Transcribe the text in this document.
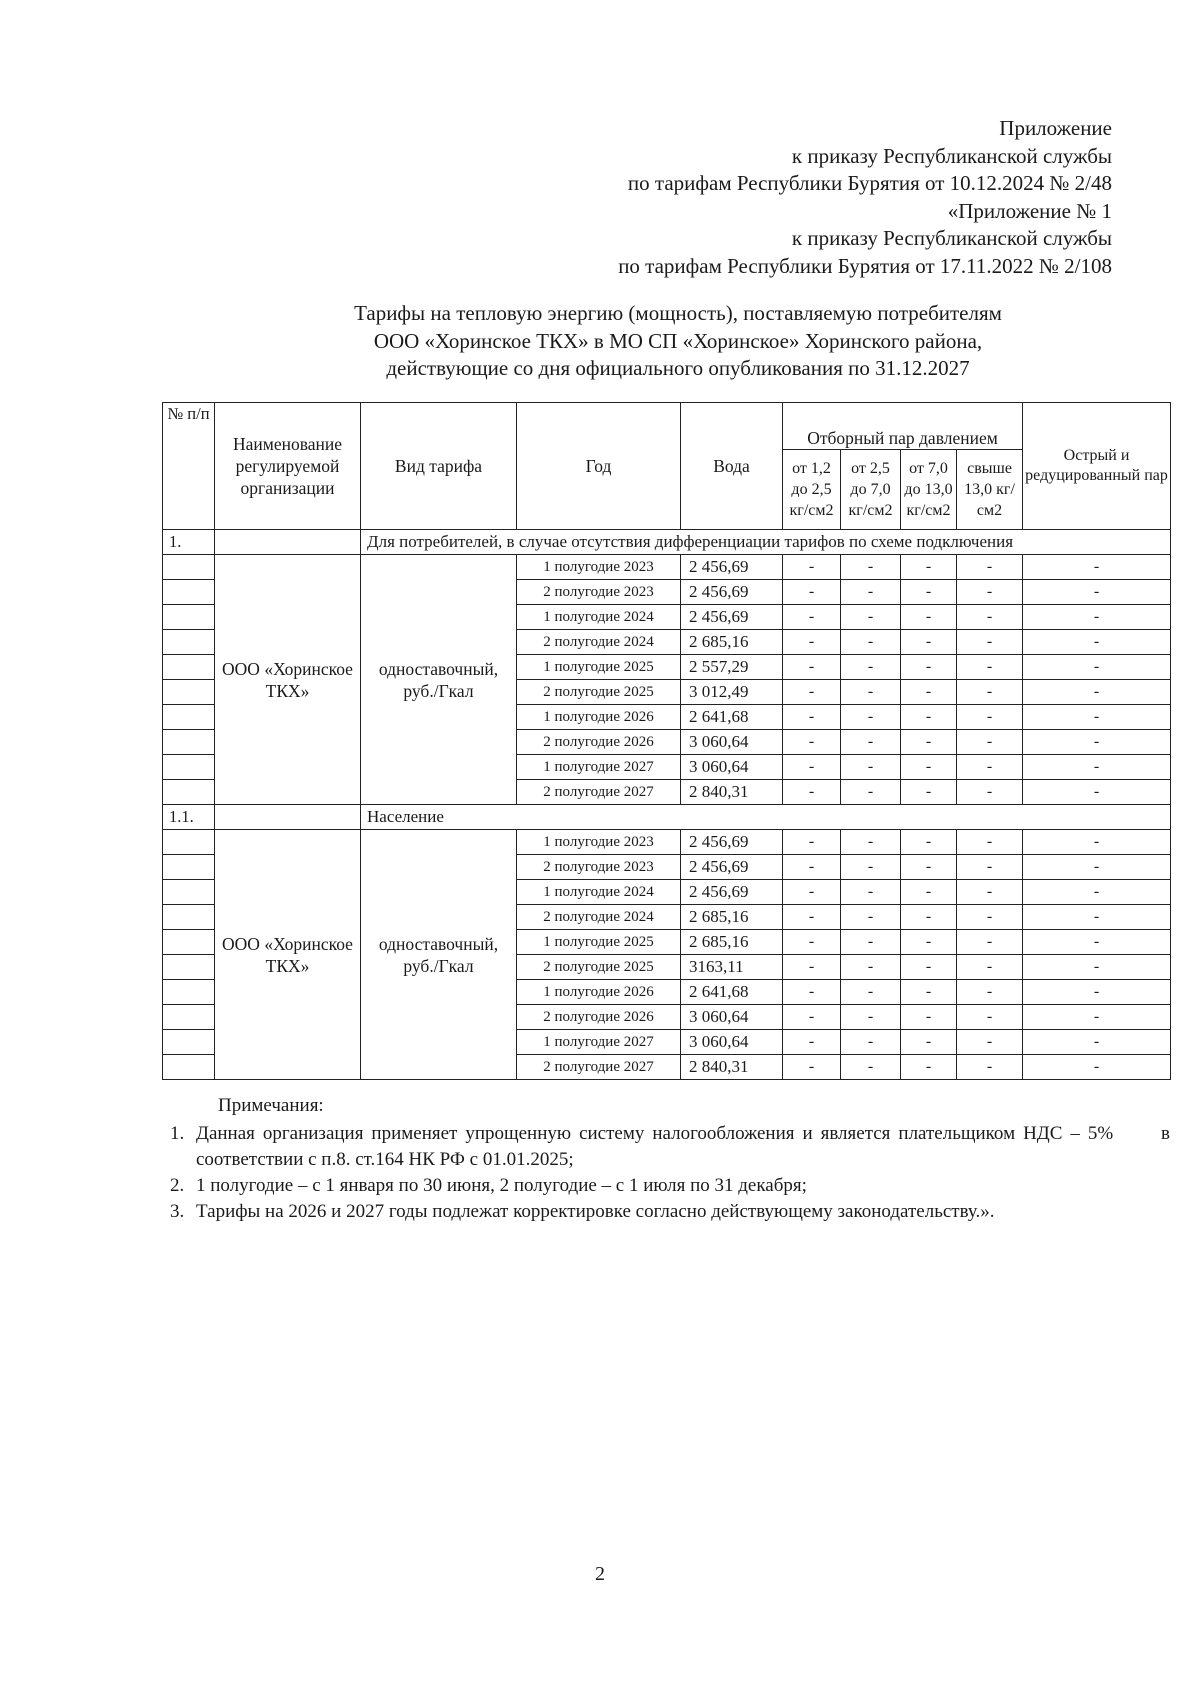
Приложение
к приказу Республиканской службы
по тарифам Республики Бурятия от 10.12.2024 № 2/48
«Приложение № 1
к приказу Республиканской службы
по тарифам Республики Бурятия от 17.11.2022 № 2/108
Тарифы на тепловую энергию (мощность), поставляемую потребителям
ООО «Хоринское ТКХ» в МО СП «Хоринское» Хоринского района,
действующие со дня официального опубликования по 31.12.2027
№ п/п	Наименование регулируемой организации	Вид тарифа	Год	Вода	Отборный пар давлением				Острый и редуцированный пар
					от 1,2 до 2,5 кг/см2	от 2,5 до 7,0 кг/см2	от 7,0 до 13,0 кг/см2	свыше 13,0 кг/см2	
1.		Для потребителей, в случае отсутствия дифференциации тарифов по схеме подключения							
	ООО «Хоринское ТКХ»	одноставочный, руб./Гкал	1 полугодие 2023	2 456,69	-	-	-	-	-
			2 полугодие 2023	2 456,69	-	-	-	-	-
			1 полугодие 2024	2 456,69	-	-	-	-	-
			2 полугодие 2024	2 685,16	-	-	-	-	-
			1 полугодие 2025	2 557,29	-	-	-	-	-
			2 полугодие 2025	3 012,49	-	-	-	-	-
			1 полугодие 2026	2 641,68	-	-	-	-	-
			2 полугодие 2026	3 060,64	-	-	-	-	-
			1 полугодие 2027	3 060,64	-	-	-	-	-
			2 полугодие 2027	2 840,31	-	-	-	-	-
1.1.		Население							
	ООО «Хоринское ТКХ»	одноставочный, руб./Гкал	1 полугодие 2023	2 456,69	-	-	-	-	-
			2 полугодие 2023	2 456,69	-	-	-	-	-
			1 полугодие 2024	2 456,69	-	-	-	-	-
			2 полугодие 2024	2 685,16	-	-	-	-	-
			1 полугодие 2025	2 685,16	-	-	-	-	-
			2 полугодие 2025	3163,11	-	-	-	-	-
			1 полугодие 2026	2 641,68	-	-	-	-	-
			2 полугодие 2026	3 060,64	-	-	-	-	-
			1 полугодие 2027	3 060,64	-	-	-	-	-
			2 полугодие 2027	2 840,31	-	-	-	-	-
Примечания:
1. Данная организация применяет упрощенную систему налогообложения и является плательщиком НДС – 5%      в соответствии с п.8. ст.164 НК РФ с 01.01.2025;
2. 1 полугодие – с 1 января по 30 июня, 2 полугодие – с 1 июля по 31 декабря;
3. Тарифы на 2026 и 2027 годы подлежат корректировке согласно действующему законодательству.».
2
